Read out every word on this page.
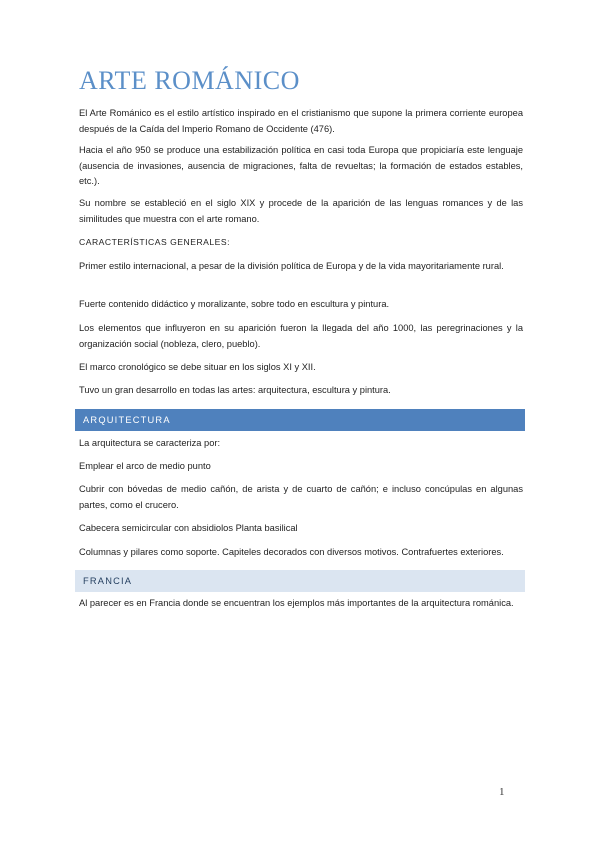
ARTE ROMÁNICO
El Arte Románico es el estilo artístico inspirado en el cristianismo que supone la primera corriente europea después de la Caída del Imperio Romano de Occidente (476).
Hacia el año 950 se produce una estabilización política en casi toda Europa que propiciaría este lenguaje (ausencia de invasiones, ausencia de migraciones, falta de revueltas; la formación de estados estables, etc.).
Su nombre se estableció en el siglo XIX y procede de la aparición de las lenguas romances y de las similitudes que muestra con el arte romano.
CARACTERÍSTICAS GENERALES:
Primer estilo internacional, a pesar de la división política de Europa y de la vida mayoritariamente rural.
Fuerte contenido didáctico y moralizante, sobre todo en escultura y pintura.
Los elementos que influyeron en su aparición fueron la llegada del año 1000, las peregrinaciones y la organización social (nobleza, clero, pueblo).
El marco cronológico se debe situar en los siglos XI y XII.
Tuvo un gran desarrollo en todas las artes: arquitectura, escultura y pintura.
ARQUITECTURA
La arquitectura se caracteriza por:
Emplear el arco de medio punto
Cubrir con bóvedas de medio cañón, de arista y de cuarto de cañón; e incluso concúpulas en algunas partes, como el crucero.
Cabecera semicircular con absidiolos Planta basilical
Columnas y pilares como soporte. Capiteles decorados con diversos motivos. Contrafuertes exteriores.
FRANCIA
Al parecer es en Francia donde se encuentran los ejemplos más importantes de la arquitectura románica.
1
